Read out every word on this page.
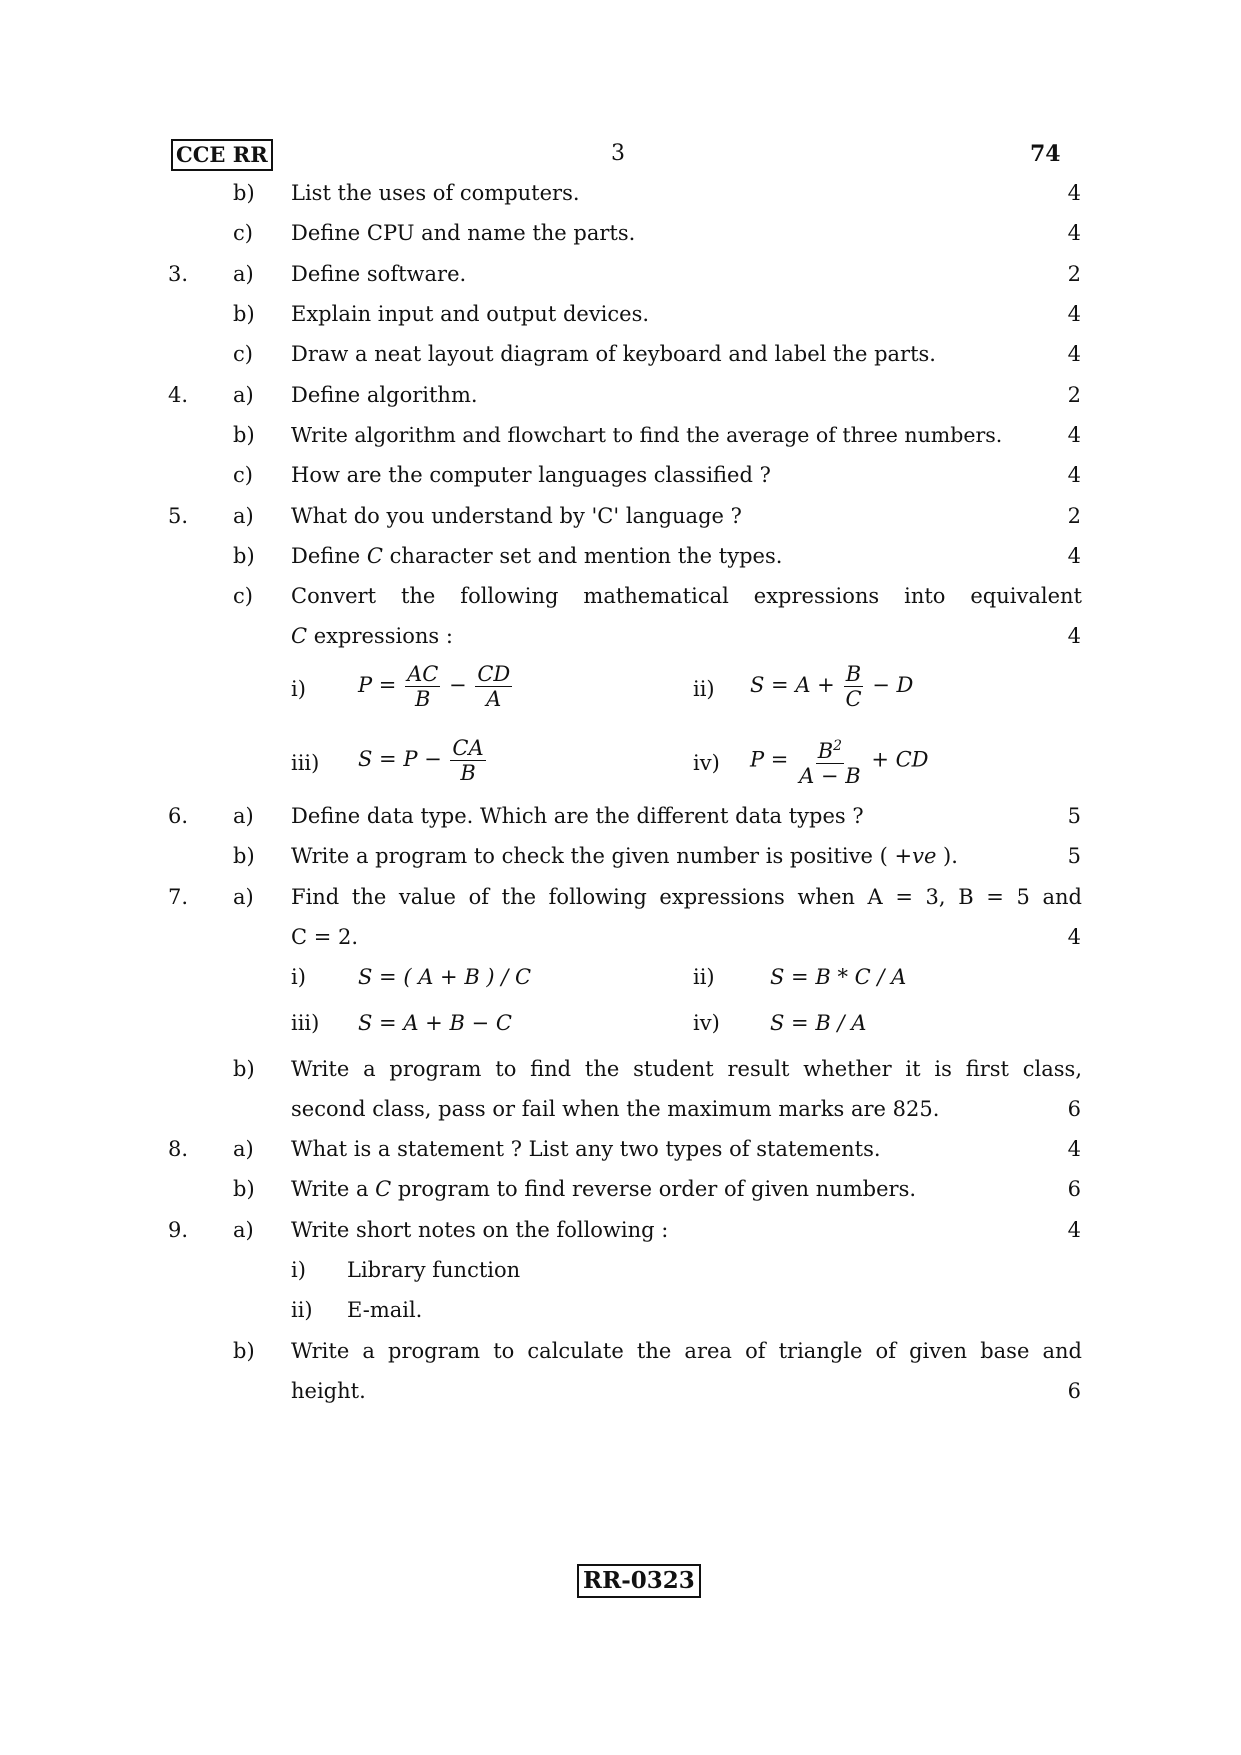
CCE RR	3	74
b) List the uses of computers.	4
c) Define CPU and name the parts.	4
3. a) Define software.	2
b) Explain input and output devices.	4
c) Draw a neat layout diagram of keyboard and label the parts.	4
4. a) Define algorithm.	2
b) Write algorithm and flowchart to find the average of three numbers.	4
c) How are the computer languages classified ?	4
5. a) What do you understand by 'C' language ?	2
b) Define C character set and mention the types.	4
c) Convert the following mathematical expressions into equivalent
C expressions :	4
i) $P = \frac{AC}{B} - \frac{CD}{A}$	ii) $S = A + \frac{B}{C} - D$
iii) $S = P - \frac{CA}{B}$	iv) $P = \frac{B^2}{A - B}$ + CD
6. a) Define data type. Which are the different data types ?	5
b) Write a program to check the given number is positive ( +ve ).	5
7. a) Find the value of the following expressions when A = 3, B = 5 and
C = 2.	4
i) S = ( A + B ) / C	ii)	S = B * C / A
iii) S = A + B − C	iv) S = B / A
b) Write a program to find the student result whether it is first class,
second class, pass or fail when the maximum marks are 825.	6
8. a) What is a statement ? List any two types of statements.	4
b) Write a C program to find reverse order of given numbers.	6
9. a) Write short notes on the following :	4
i) Library function
ii) E-mail.
b) Write a program to calculate the area of triangle of given base and
height.	6
RR-0323
